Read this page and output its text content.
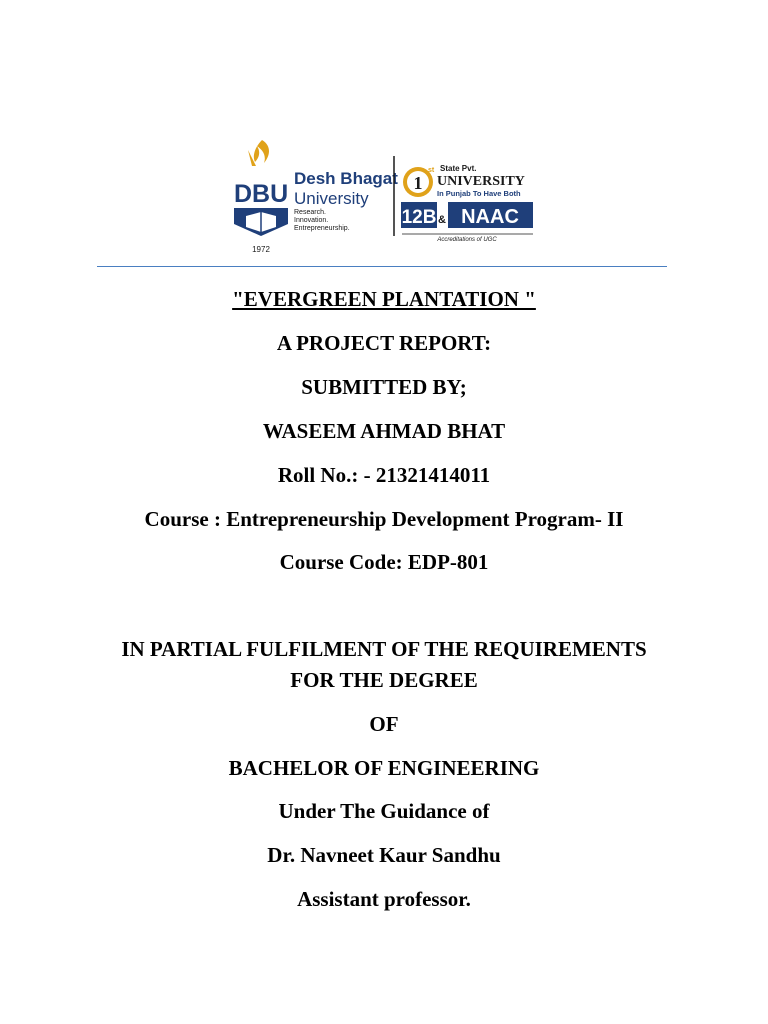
DBU
1972
Desh Bhagat
University
Research.
Innovation.
Entrepreneurship.
1
st State Pvt.
UNIVERSITY
In Punjab To Have Both
12B & NAAC
Accreditations of UGC
"EVERGREEN PLANTATION "
A PROJECT REPORT:
SUBMITTED BY;
WASEEM AHMAD BHAT
Roll No.: - 21321414011
Course : Entrepreneurship Development Program- II
Course Code: EDP-801
IN PARTIAL FULFILMENT OF THE REQUIREMENTS
FOR THE DEGREE
OF
BACHELOR OF ENGINEERING
Under The Guidance of
Dr. Navneet Kaur Sandhu
Assistant professor.
